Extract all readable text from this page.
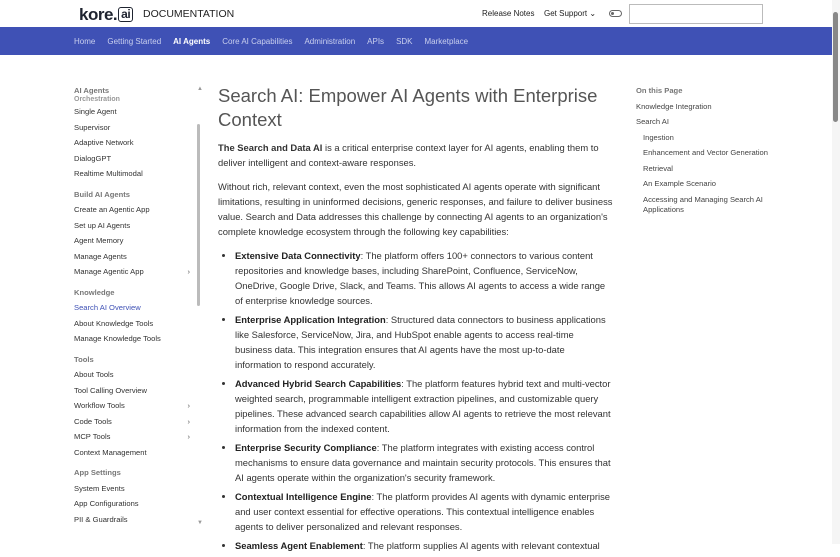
kore. ai DOCUMENTATION	Release Notes Get Support ⌄
Home Getting Started AI Agents Core AI Capabilities Administration APIs SDK Marketplace
▲
▼
AI Agents
Orchestration
Single Agent
Supervisor
Adaptive Network
DialogGPT
Realtime Multimodal
Build AI Agents
Create an Agentic App
Set up AI Agents
Agent Memory
Manage Agents
Manage Agentic App	›
Knowledge
Search AI Overview
About Knowledge Tools
Manage Knowledge Tools
Tools
About Tools
Tool Calling Overview
Workflow Tools	›
Code Tools	›
MCP Tools	›
Context Management
App Settings
System Events
App Configurations
PII & Guardrails
Search AI: Empower AI Agents with Enterprise Context

The Search and Data AI is a critical enterprise context layer for AI agents, enabling them to deliver intelligent and context-aware responses.

Without rich, relevant context, even the most sophisticated AI agents operate with significant limitations, resulting in uninformed decisions, generic responses, and failure to deliver business value. Search and Data addresses this challenge by connecting AI agents to an organization's complete knowledge ecosystem through the following key capabilities:

• Extensive Data Connectivity: The platform offers 100+ connectors to various content repositories and knowledge bases, including SharePoint, Confluence, ServiceNow, OneDrive, Google Drive, Slack, and Teams. This allows AI agents to access a wide range of enterprise knowledge sources.
• Enterprise Application Integration: Structured data connectors to business applications like Salesforce, ServiceNow, Jira, and HubSpot enable agents to access real-time business data. This integration ensures that AI agents have the most up-to-date information to respond accurately.
• Advanced Hybrid Search Capabilities: The platform features hybrid text and multi-vector weighted search, programmable intelligent extraction pipelines, and customizable query pipelines. These advanced search capabilities allow AI agents to retrieve the most relevant information from the indexed content.
• Enterprise Security Compliance: The platform integrates with existing access control mechanisms to ensure data governance and maintain security protocols. This ensures that AI agents operate within the organization's security framework.
• Contextual Intelligence Engine: The platform provides AI agents with dynamic enterprise and user context essential for effective operations. This contextual intelligence enables agents to deliver personalized and relevant responses.
• Seamless Agent Enablement: The platform supplies AI agents with relevant contextual
On this Page
Knowledge Integration
Search AI
Ingestion
Enhancement and Vector Generation
Retrieval
An Example Scenario
Accessing and Managing Search AI Applications
